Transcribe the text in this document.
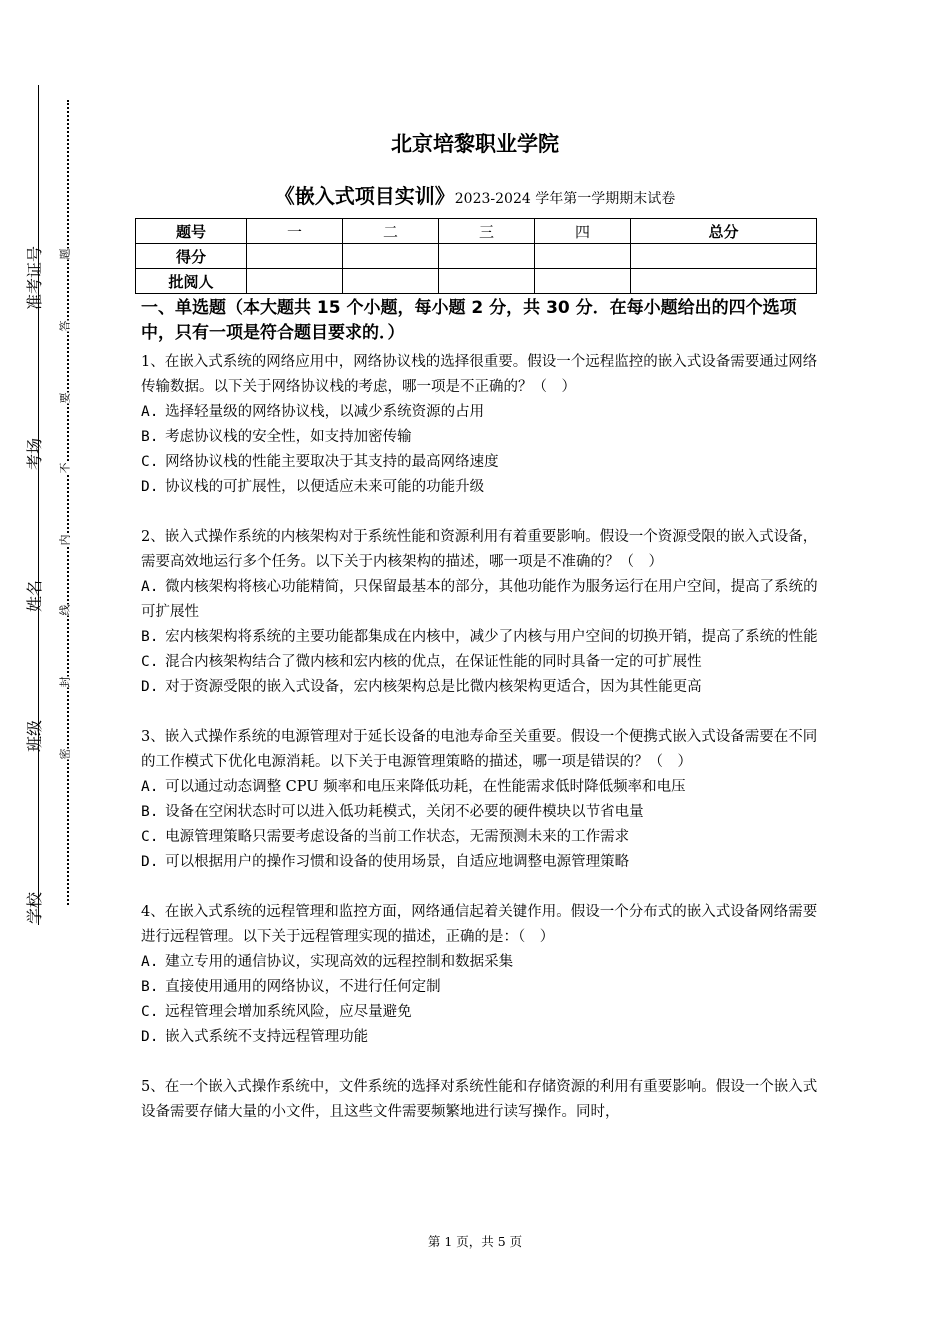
准考证号
考场
姓名
班级
学校
题
答
要
不
内
线
封
密
北京培黎职业学院
《嵌入式项目实训》2023-2024 学年第一学期期末试卷
题号	一	二	三	四	总分
得分					
批阅人					

一、单选题（本大题共 15 个小题，每小题 2 分，共 30 分．在每小题给出的四个选项中，只有一项是符合题目要求的．）

1、在嵌入式系统的网络应用中，网络协议栈的选择很重要。假设一个远程监控的嵌入式设备需要通过网络传输数据。以下关于网络协议栈的考虑，哪一项是不正确的？（　）

A. 选择轻量级的网络协议栈，以减少系统资源的占用

B. 考虑协议栈的安全性，如支持加密传输

C. 网络协议栈的性能主要取决于其支持的最高网络速度

D. 协议栈的可扩展性，以便适应未来可能的功能升级

2、嵌入式操作系统的内核架构对于系统性能和资源利用有着重要影响。假设一个资源受限的嵌入式设备，需要高效地运行多个任务。以下关于内核架构的描述，哪一项是不准确的？（　）

A. 微内核架构将核心功能精简，只保留最基本的部分，其他功能作为服务运行在用户空间，提高了系统的可扩展性

B. 宏内核架构将系统的主要功能都集成在内核中，减少了内核与用户空间的切换开销，提高了系统的性能

C. 混合内核架构结合了微内核和宏内核的优点，在保证性能的同时具备一定的可扩展性

D. 对于资源受限的嵌入式设备，宏内核架构总是比微内核架构更适合，因为其性能更高

3、嵌入式操作系统的电源管理对于延长设备的电池寿命至关重要。假设一个便携式嵌入式设备需要在不同的工作模式下优化电源消耗。以下关于电源管理策略的描述，哪一项是错误的？（　）

A. 可以通过动态调整 CPU 频率和电压来降低功耗，在性能需求低时降低频率和电压

B. 设备在空闲状态时可以进入低功耗模式，关闭不必要的硬件模块以节省电量

C. 电源管理策略只需要考虑设备的当前工作状态，无需预测未来的工作需求

D. 可以根据用户的操作习惯和设备的使用场景，自适应地调整电源管理策略

4、在嵌入式系统的远程管理和监控方面，网络通信起着关键作用。假设一个分布式的嵌入式设备网络需要进行远程管理。以下关于远程管理实现的描述，正确的是：（　）

A. 建立专用的通信协议，实现高效的远程控制和数据采集

B. 直接使用通用的网络协议，不进行任何定制

C. 远程管理会增加系统风险，应尽量避免

D. 嵌入式系统不支持远程管理功能

5、在一个嵌入式操作系统中，文件系统的选择对系统性能和存储资源的利用有重要影响。假设一个嵌入式设备需要存储大量的小文件，且这些文件需要频繁地进行读写操作。同时，

第 1 页，共 5 页
